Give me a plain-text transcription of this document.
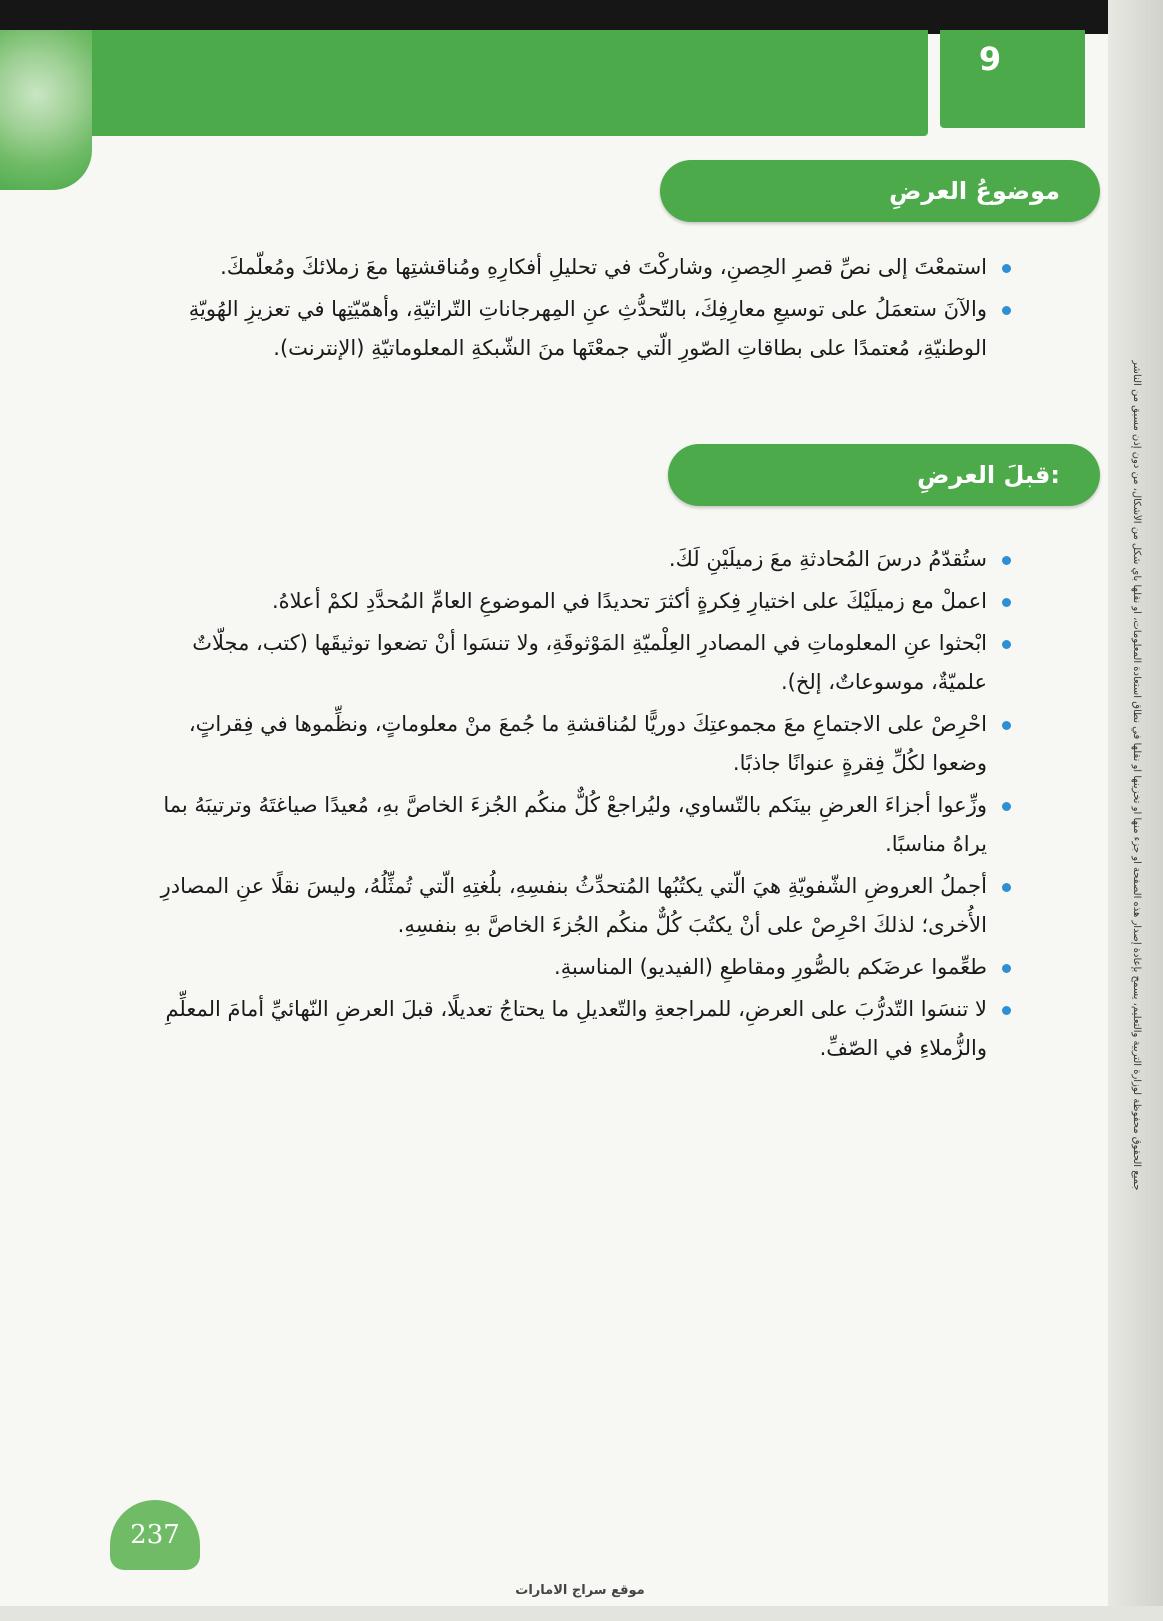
9
جميع الحقوق محفوظة لوزارة التربية والتعليم، يسمح بإعادة إصدار هذه الصفحة أو جزء منها أو تخزينها أو نقلها في نطاق استعادة المعلومات، أو نقلها بأي شكل من الأشكال، من دون إذن مسبق من الناشر
موضوعُ العرضِ
استمعْتَ إلى نصِّ قصرِ الحِصنِ، وشاركْتَ في تحليلِ أفكارِهِ ومُناقشتِها معَ زملائكَ ومُعلّمكَ.
والآنَ ستعمَلُ على توسيعِ معارِفِكَ، بالتّحدُّثِ عنِ المِهرجاناتِ التّراثيّةِ، وأهمّيّتِها في تعزيزِ الهُويّةِ الوطنيّةِ، مُعتمدًا على بطاقاتِ الصّورِ الّتي جمعْتَها منَ الشّبكةِ المعلوماتيّةِ (الإنترنت).
قبلَ العرضِ:
ستُقدّمُ درسَ المُحادثةِ معَ زميلَيْنِ لَكَ.
اعملْ مع زميلَيْكَ على اختيارِ فِكرةٍ أكثرَ تحديدًا في الموضوعِ العامِّ المُحدَّدِ لكمْ أعلاهُ.
ابْحثوا عنِ المعلوماتِ في المصادرِ العِلْميّةِ المَوْثوقَةِ، ولا تنسَوا أنْ تضعوا توثيقَها (كتب، مجلّاتٌ علميّةٌ، موسوعاتٌ، إلخ).
احْرِصْ على الاجتماعِ معَ مجموعتِكَ دوريًّا لمُناقشةِ ما جُمعَ منْ معلوماتٍ، ونظِّموها في فِقراتٍ، وضعوا لكُلِّ فِقرةٍ عنوانًا جاذبًا.
وزِّعوا أجزاءَ العرضِ بينَكم بالتّساوي، وليُراجعْ كُلٌّ منكُم الجُزءَ الخاصَّ بهِ، مُعيدًا صياغتَهُ وترتيبَهُ بما يراهُ مناسبًا.
أجملُ العروضِ الشّفويّةِ هيَ الّتي يكتُبُها المُتحدِّثُ بنفسِهِ، بلُغتِهِ الّتي تُمثِّلُهُ، وليسَ نقلًا عنِ المصادرِ الأُخرى؛ لذلكَ احْرِصْ على أنْ يكتُبَ كُلٌّ منكُم الجُزءَ الخاصَّ بهِ بنفسِهِ.
طعِّموا عرضَكم بالصُّورِ ومقاطعِ (الفيديو) المناسبةِ.
لا تنسَوا التّدرُّبَ على العرضِ، للمراجعةِ والتّعديلِ ما يحتاجُ تعديلًا، قبلَ العرضِ النّهائيِّ أمامَ المعلِّمِ والزُّملاءِ في الصّفِّ.
237
موقع سراج الامارات
